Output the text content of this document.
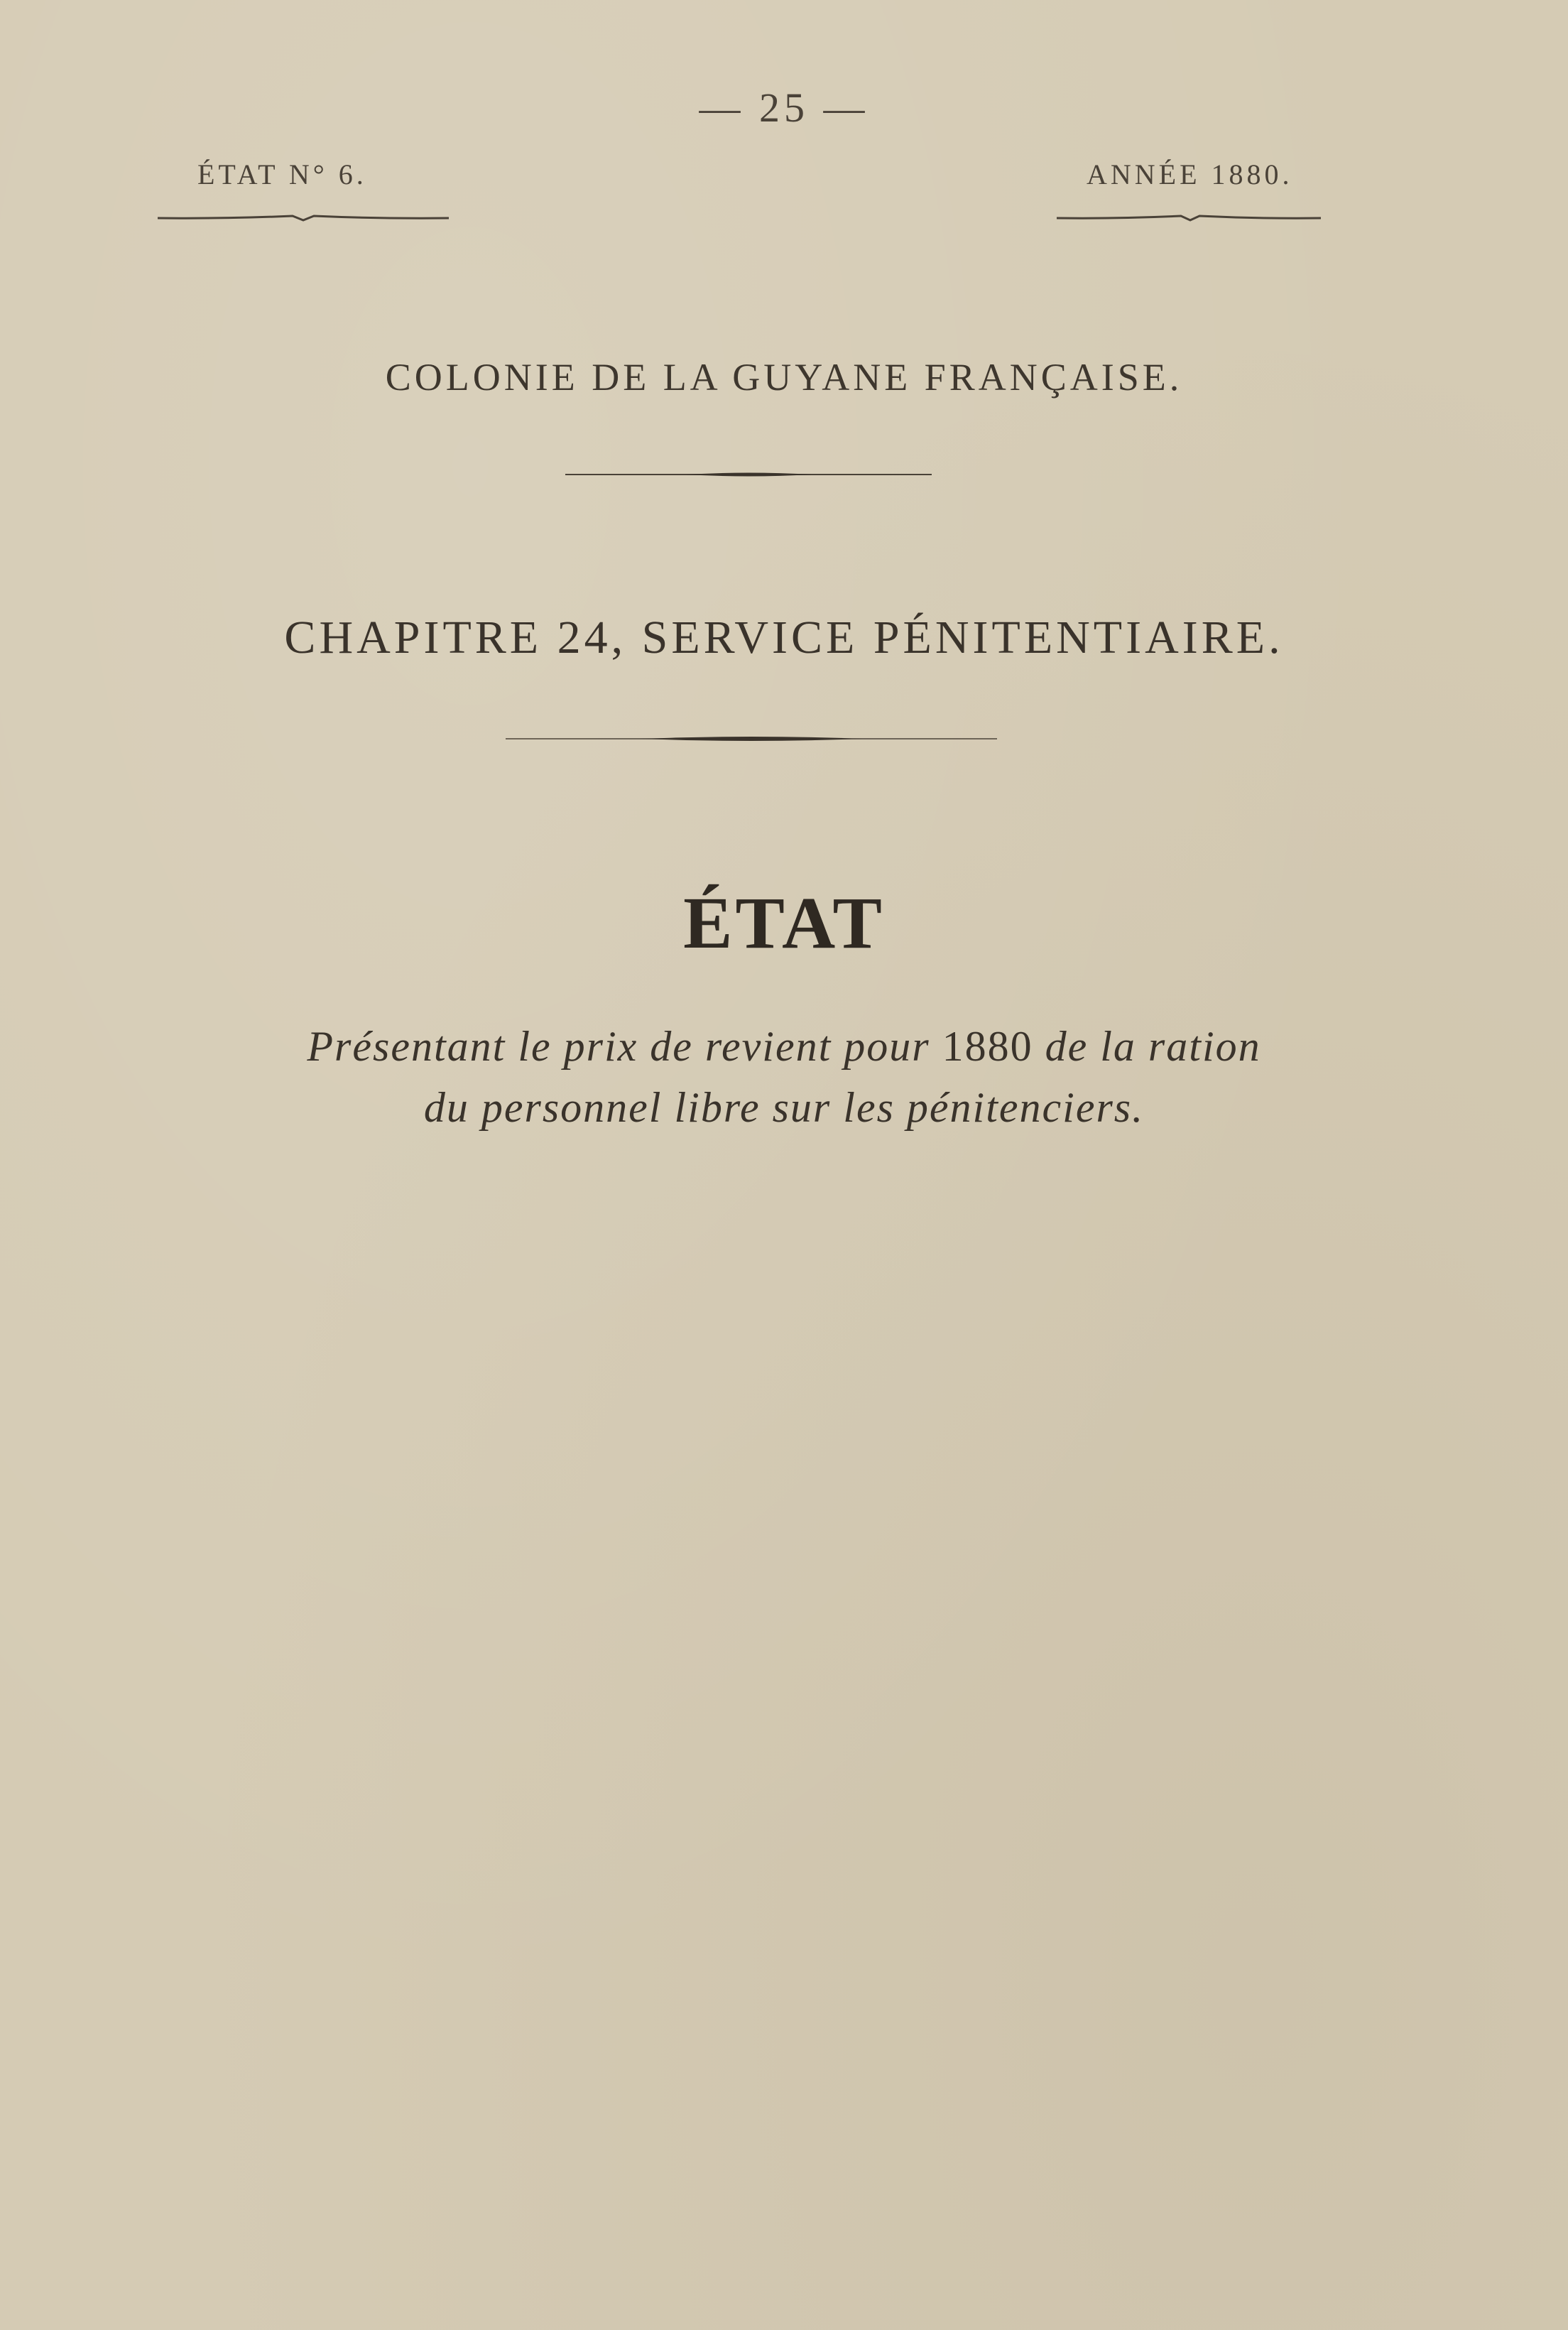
— 25 —
ÉTAT N° 6.	ANNÉE 1880.
COLONIE DE LA GUYANE FRANÇAISE.
CHAPITRE 24, SERVICE PÉNITENTIAIRE.
ÉTAT
Présentant le prix de revient pour 1880 de la ration
du personnel libre sur les pénitenciers.
